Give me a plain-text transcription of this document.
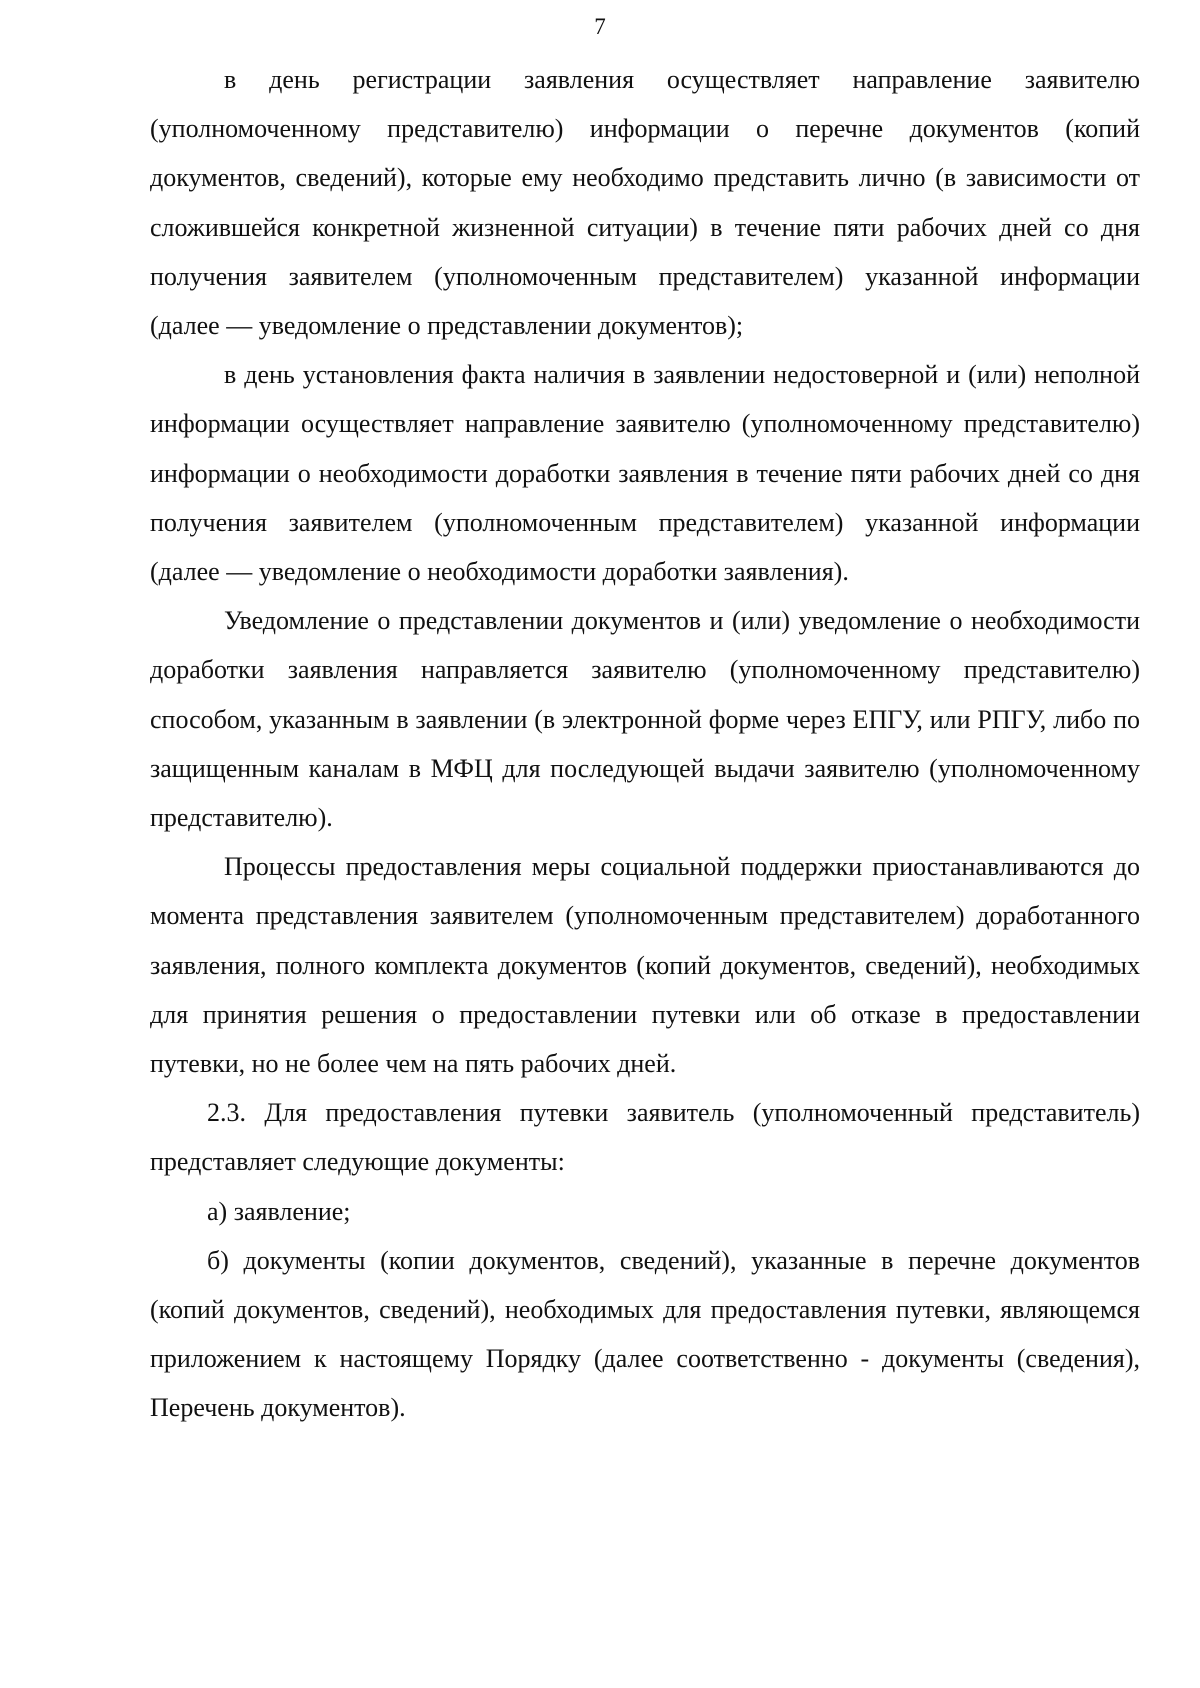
7

в день регистрации заявления осуществляет направление заявителю (уполномоченному представителю) информации о перечне документов (копий документов, сведений), которые ему необходимо представить лично (в зависимости от сложившейся конкретной жизненной ситуации) в течение пяти рабочих дней со дня получения заявителем (уполномоченным представителем) указанной информации (далее — уведомление о представлении документов);

в день установления факта наличия в заявлении недостоверной и (или) неполной информации осуществляет направление заявителю (уполномоченному представителю) информации о необходимости доработки заявления в течение пяти рабочих дней со дня получения заявителем (уполномоченным представителем) указанной информации (далее — уведомление о необходимости доработки заявления).

Уведомление о представлении документов и (или) уведомление о необходимости доработки заявления направляется заявителю (уполномоченному представителю) способом, указанным в заявлении (в электронной форме через ЕПГУ, или РПГУ, либо по защищенным каналам в МФЦ для последующей выдачи заявителю (уполномоченному представителю).

Процессы предоставления меры социальной поддержки приостанавливаются до момента представления заявителем (уполномоченным представителем) доработанного заявления, полного комплекта документов (копий документов, сведений), необходимых для принятия решения о предоставлении путевки или об отказе в предоставлении путевки, но не более чем на пять рабочих дней.

2.3. Для предоставления путевки заявитель (уполномоченный представитель) представляет следующие документы:

а) заявление;

б) документы (копии документов, сведений), указанные в перечне документов (копий документов, сведений), необходимых для предоставления путевки, являющемся приложением к настоящему Порядку (далее соответственно - документы (сведения), Перечень документов).
